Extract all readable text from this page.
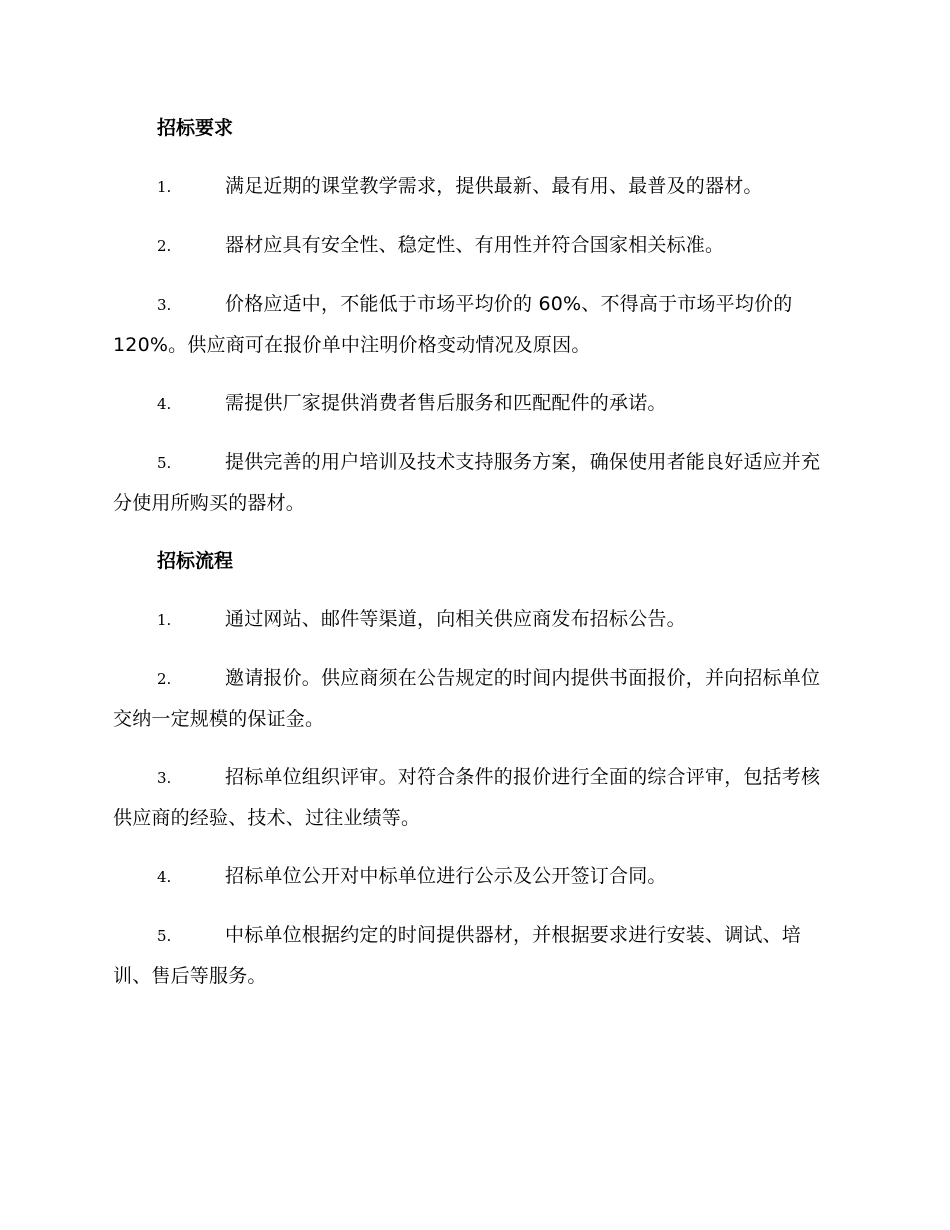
招标要求
1.	满足近期的课堂教学需求，提供最新、最有用、最普及的器材。
2.	器材应具有安全性、稳定性、有用性并符合国家相关标准。
3.	价格应适中，不能低于市场平均价的 60%、不得高于市场平均价的 120%。供应商可在报价单中注明价格变动情况及原因。
4.	需提供厂家提供消费者售后服务和匹配配件的承诺。
5.	提供完善的用户培训及技术支持服务方案，确保使用者能良好适应并充分使用所购买的器材。
招标流程
1.	通过网站、邮件等渠道，向相关供应商发布招标公告。
2.	邀请报价。供应商须在公告规定的时间内提供书面报价，并向招标单位交纳一定规模的保证金。
3.	招标单位组织评审。对符合条件的报价进行全面的综合评审，包括考核供应商的经验、技术、过往业绩等。
4.	招标单位公开对中标单位进行公示及公开签订合同。
5.	中标单位根据约定的时间提供器材，并根据要求进行安装、调试、培训、售后等服务。
